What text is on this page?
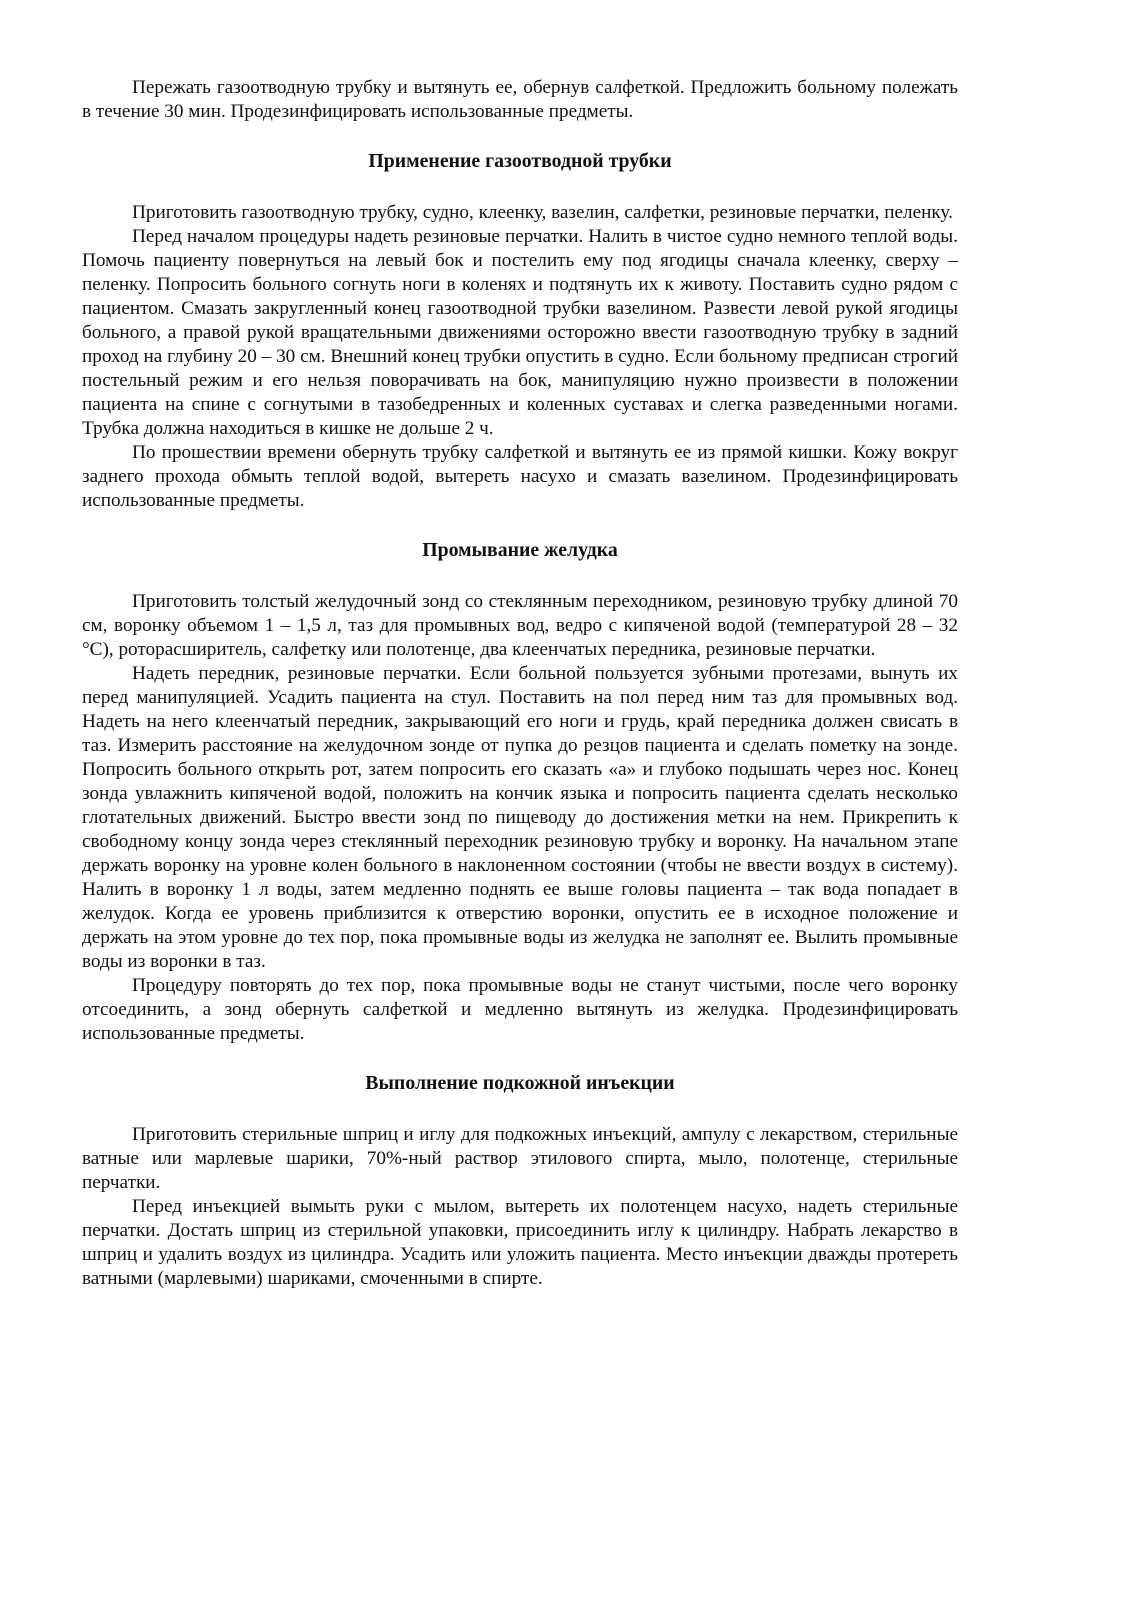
Пережать газоотводную трубку и вытянуть ее, обернув салфеткой. Предложить больному полежать в течение 30 мин. Продезинфицировать использованные предметы.

Применение газоотводной трубки

Приготовить газоотводную трубку, судно, клеенку, вазелин, салфетки, резиновые перчатки, пеленку.

Перед началом процедуры надеть резиновые перчатки. Налить в чистое судно немного теплой воды. Помочь пациенту повернуться на левый бок и постелить ему под ягодицы сначала клеенку, сверху – пеленку. Попросить больного согнуть ноги в коленях и подтянуть их к животу. Поставить судно рядом с пациентом. Смазать закругленный конец газоотводной трубки вазелином. Развести левой рукой ягодицы больного, а правой рукой вращательными движениями осторожно ввести газоотводную трубку в задний проход на глубину 20 – 30 см. Внешний конец трубки опустить в судно. Если больному предписан строгий постельный режим и его нельзя поворачивать на бок, манипуляцию нужно произвести в положении пациента на спине с согнутыми в тазобедренных и коленных суставах и слегка разведенными ногами. Трубка должна находиться в кишке не дольше 2 ч.

По прошествии времени обернуть трубку салфеткой и вытянуть ее из прямой кишки. Кожу вокруг заднего прохода обмыть теплой водой, вытереть насухо и смазать вазелином. Продезинфицировать использованные предметы.

Промывание желудка

Приготовить толстый желудочный зонд со стеклянным переходником, резиновую трубку длиной 70 см, воронку объемом 1 – 1,5 л, таз для промывных вод, ведро с кипяченой водой (температурой 28 – 32 °С), роторасширитель, салфетку или полотенце, два клеенчатых передника, резиновые перчатки.

Надеть передник, резиновые перчатки. Если больной пользуется зубными протезами, вынуть их перед манипуляцией. Усадить пациента на стул. Поставить на пол перед ним таз для промывных вод. Надеть на него клеенчатый передник, закрывающий его ноги и грудь, край передника должен свисать в таз. Измерить расстояние на желудочном зонде от пупка до резцов пациента и сделать пометку на зонде. Попросить больного открыть рот, затем попросить его сказать «а» и глубоко подышать через нос. Конец зонда увлажнить кипяченой водой, положить на кончик языка и попросить пациента сделать несколько глотательных движений. Быстро ввести зонд по пищеводу до достижения метки на нем. Прикрепить к свободному концу зонда через стеклянный переходник резиновую трубку и воронку. На начальном этапе держать воронку на уровне колен больного в наклоненном состоянии (чтобы не ввести воздух в систему). Налить в воронку 1 л воды, затем медленно поднять ее выше головы пациента – так вода попадает в желудок. Когда ее уровень приблизится к отверстию воронки, опустить ее в исходное положение и держать на этом уровне до тех пор, пока промывные воды из желудка не заполнят ее. Вылить промывные воды из воронки в таз.

Процедуру повторять до тех пор, пока промывные воды не станут чистыми, после чего воронку отсоединить, а зонд обернуть салфеткой и медленно вытянуть из желудка. Продезинфицировать использованные предметы.

Выполнение подкожной инъекции

Приготовить стерильные шприц и иглу для подкожных инъекций, ампулу с лекарством, стерильные ватные или марлевые шарики, 70%-ный раствор этилового спирта, мыло, полотенце, стерильные перчатки.

Перед инъекцией вымыть руки с мылом, вытереть их полотенцем насухо, надеть стерильные перчатки. Достать шприц из стерильной упаковки, присоединить иглу к цилиндру. Набрать лекарство в шприц и удалить воздух из цилиндра. Усадить или уложить пациента. Место инъекции дважды протереть ватными (марлевыми) шариками, смоченными в спирте.
